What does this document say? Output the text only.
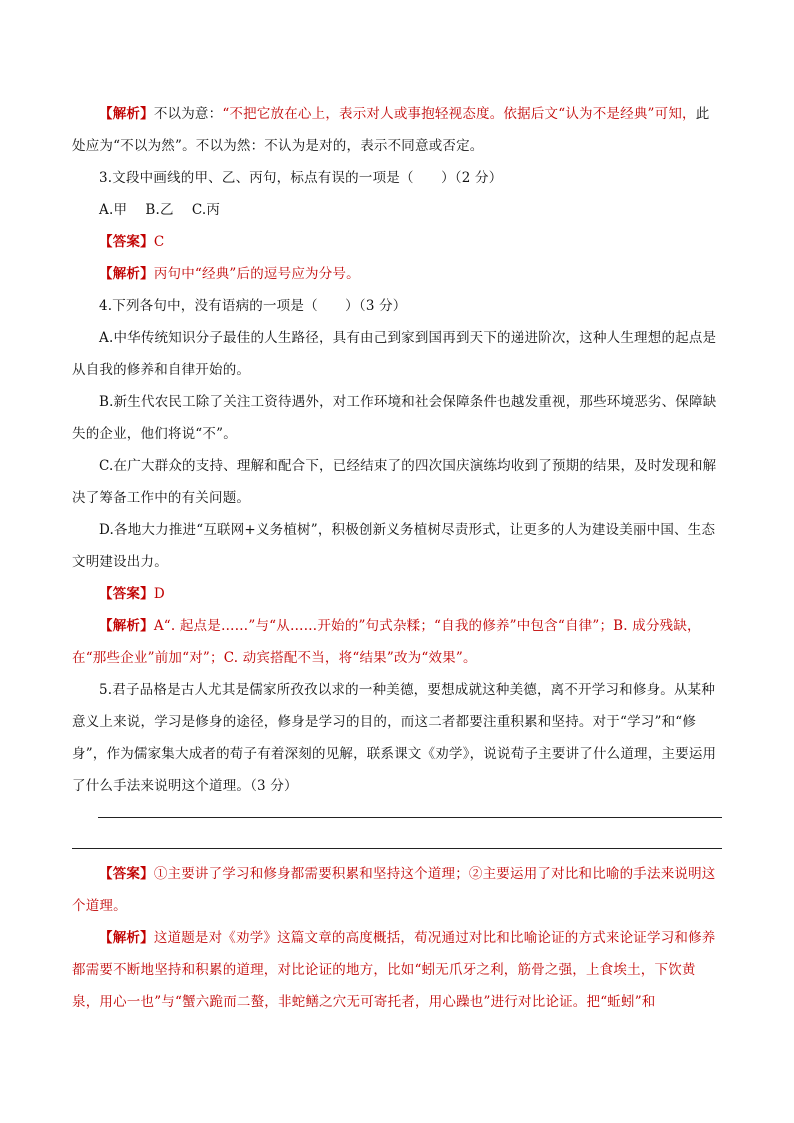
【解析】不以为意：“不把它放在心上，表示对人或事抱轻视态度。依据后文“认为不是经典”可知，此处应为“不以为然”。不以为然：不认为是对的，表示不同意或否定。

3.文段中画线的甲、乙、丙句，标点有误的一项是（　　）（2 分）

A.甲　 B.乙　 C.丙

【答案】C

【解析】丙句中“经典”后的逗号应为分号。

4.下列各句中，没有语病的一项是（　　）（3 分）

A.中华传统知识分子最佳的人生路径，具有由己到家到国再到天下的递进阶次，这种人生理想的起点是从自我的修养和自律开始的。

B.新生代农民工除了关注工资待遇外，对工作环境和社会保障条件也越发重视，那些环境恶劣、保障缺失的企业，他们将说“不”。

C.在广大群众的支持、理解和配合下，已经结束了的四次国庆演练均收到了预期的结果，及时发现和解决了筹备工作中的有关问题。

D.各地大力推进“互联网+义务植树”，积极创新义务植树尽责形式，让更多的人为建设美丽中国、生态文明建设出力。

【答案】D

【解析】A“. 起点是……”与“从……开始的”句式杂糅；“自我的修养”中包含“自律”；B. 成分残缺，在“那些企业”前加“对”；C. 动宾搭配不当，将“结果”改为“效果”。

5.君子品格是古人尤其是儒家所孜孜以求的一种美德，要想成就这种美德，离不开学习和修身。从某种意义上来说，学习是修身的途径，修身是学习的目的，而这二者都要注重积累和坚持。对于“学习”和“修身”，作为儒家集大成者的荀子有着深刻的见解，联系课文《劝学》，说说荀子主要讲了什么道理，主要运用了什么手法来说明这个道理。（3 分）

【答案】①主要讲了学习和修身都需要积累和坚持这个道理；②主要运用了对比和比喻的手法来说明这个道理。

【解析】这道题是对《劝学》这篇文章的高度概括，荀况通过对比和比喻论证的方式来论证学习和修养都需要不断地坚持和积累的道理，对比论证的地方，比如“蚓无爪牙之利，筋骨之强，上食埃土，下饮黄泉，用心一也”与“蟹六跪而二螯，非蛇鳝之穴无可寄托者，用心躁也”进行对比论证。把“蚯蚓”和
